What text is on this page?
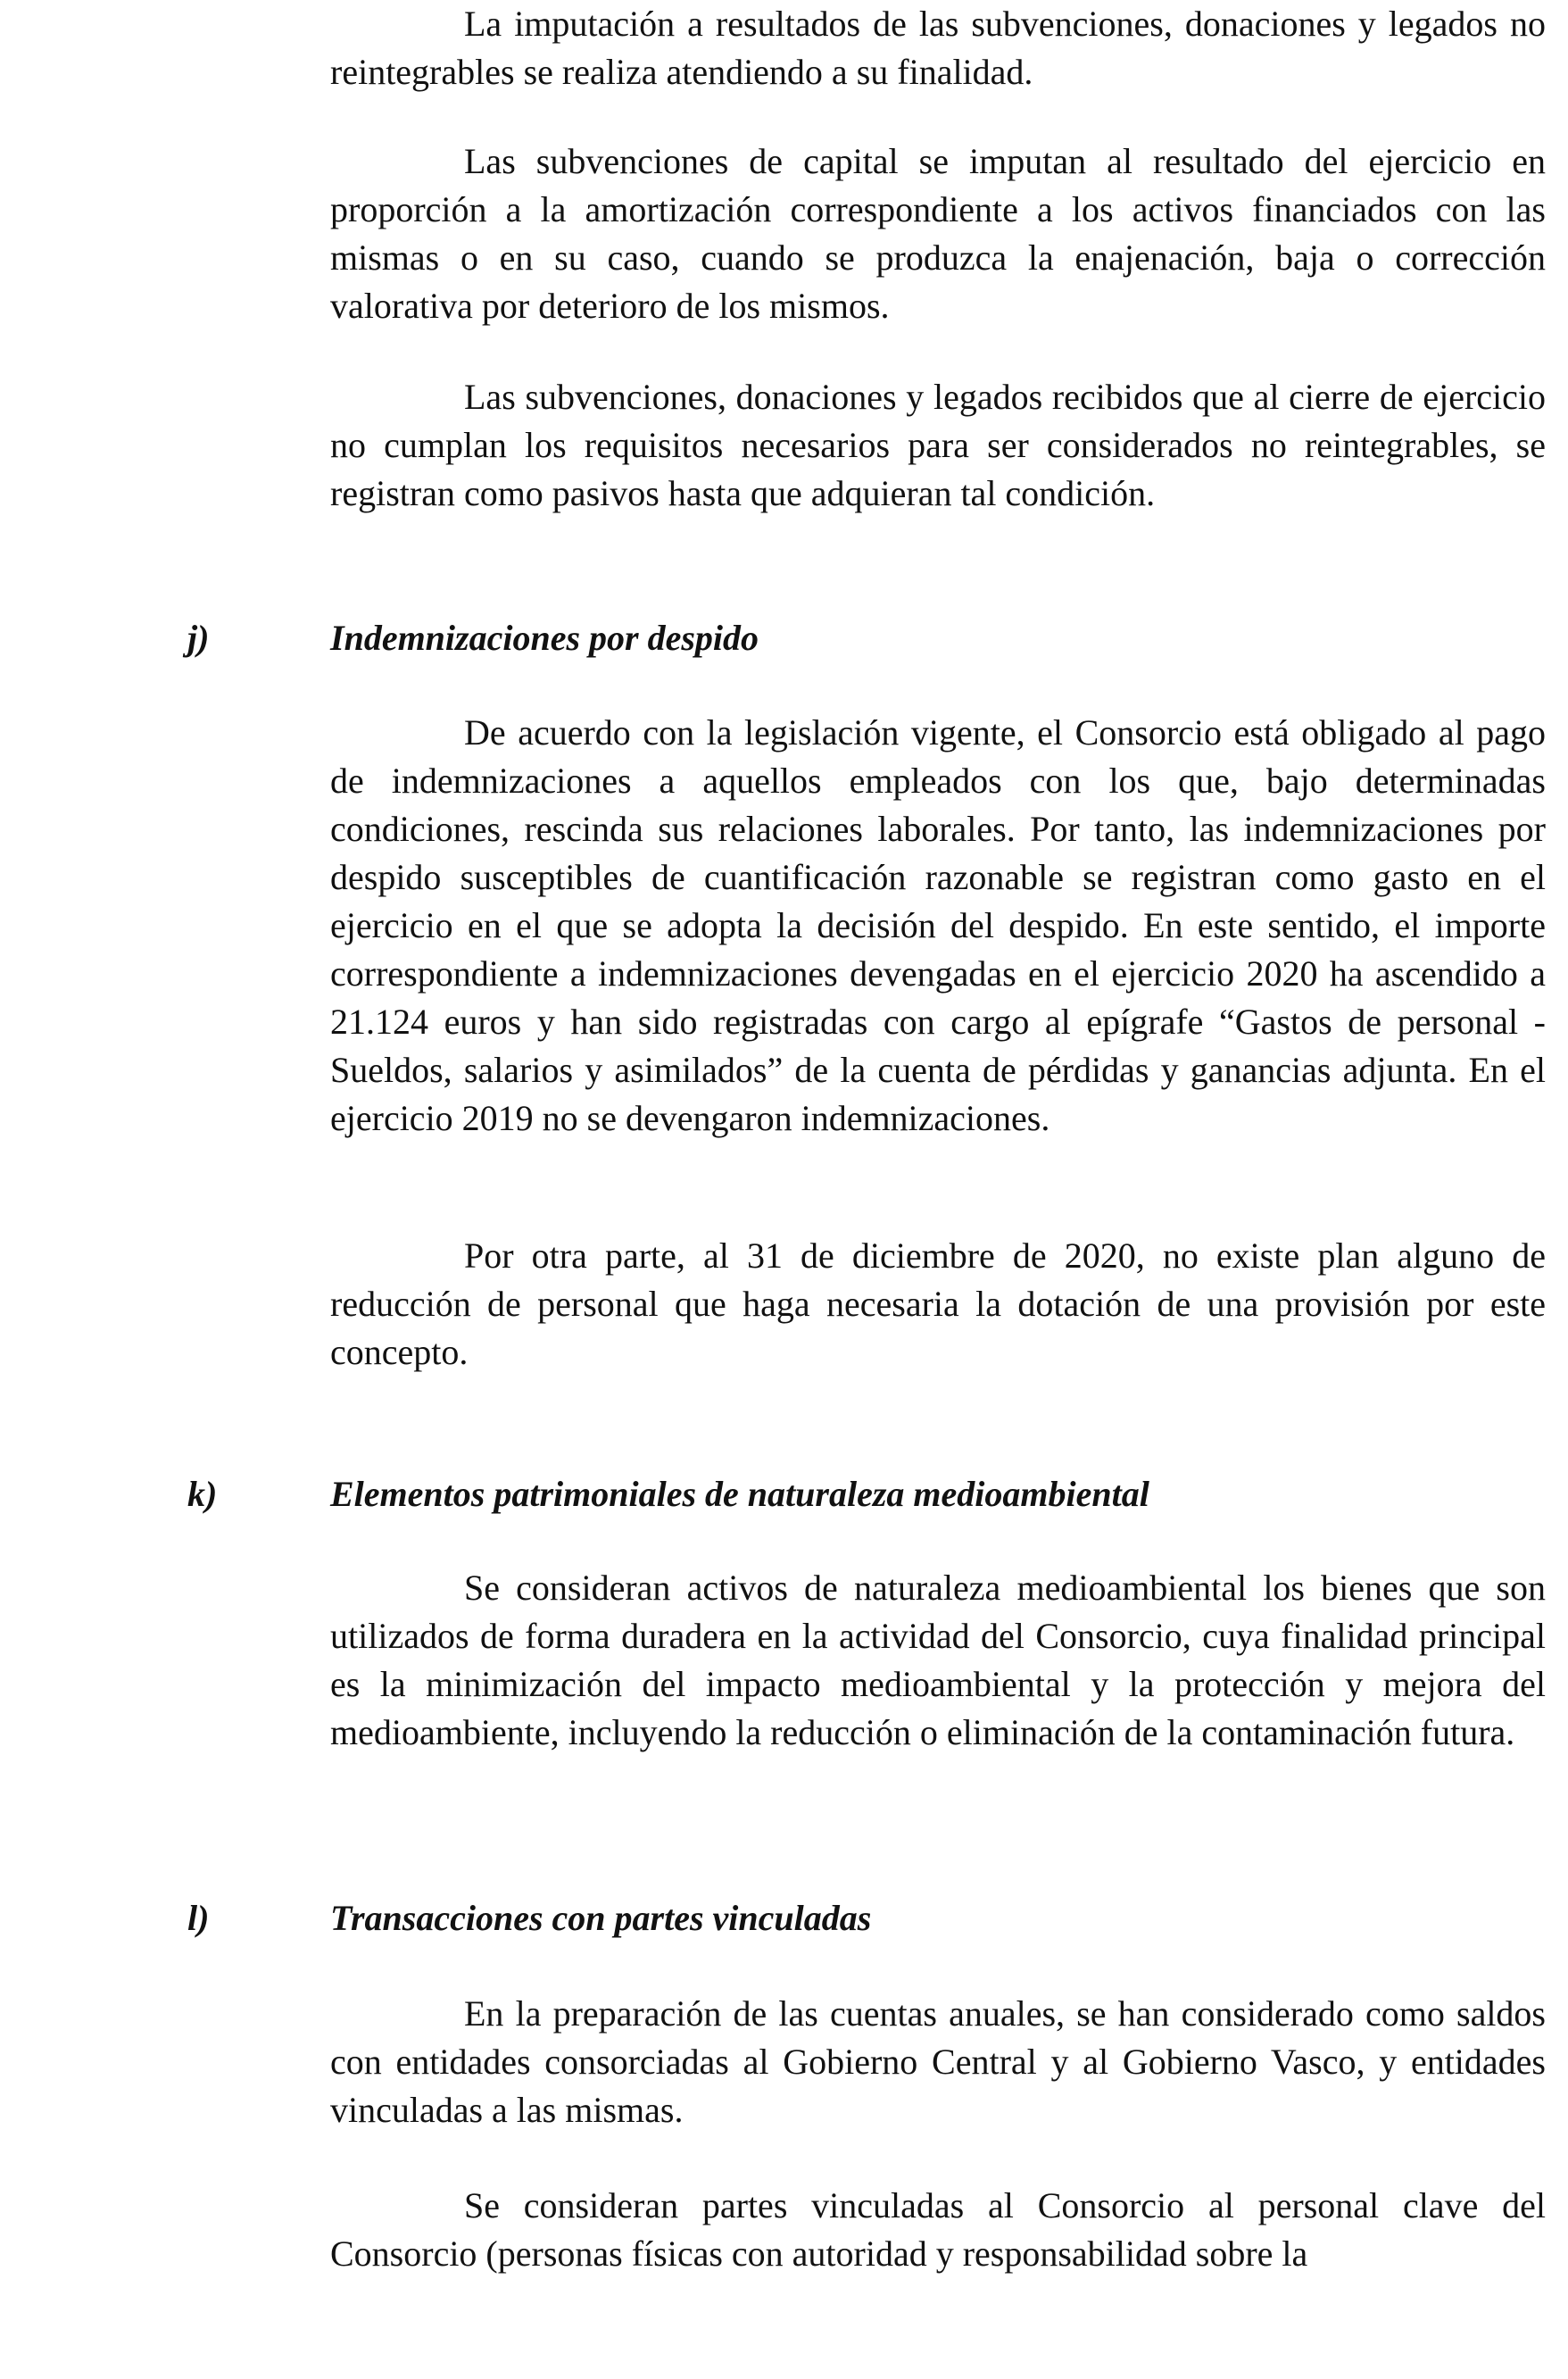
La imputación a resultados de las subvenciones, donaciones y legados no reintegrables se realiza atendiendo a su finalidad.

Las subvenciones de capital se imputan al resultado del ejercicio en proporción a la amortización correspondiente a los activos financiados con las mismas o en su caso, cuando se produzca la enajenación, baja o corrección valorativa por deterioro de los mismos.

Las subvenciones, donaciones y legados recibidos que al cierre de ejercicio no cumplan los requisitos necesarios para ser considerados no reintegrables, se registran como pasivos hasta que adquieran tal condición.

j)	Indemnizaciones por despido

De acuerdo con la legislación vigente, el Consorcio está obligado al pago de indemnizaciones a aquellos empleados con los que, bajo determinadas condiciones, rescinda sus relaciones laborales. Por tanto, las indemnizaciones por despido susceptibles de cuantificación razonable se registran como gasto en el ejercicio en el que se adopta la decisión del despido. En este sentido, el importe correspondiente a indemnizaciones devengadas en el ejercicio 2020 ha ascendido a 21.124 euros y han sido registradas con cargo al epígrafe “Gastos de personal - Sueldos, salarios y asimilados” de la cuenta de pérdidas y ganancias adjunta. En el ejercicio 2019 no se devengaron indemnizaciones.

Por otra parte, al 31 de diciembre de 2020, no existe plan alguno de reducción de personal que haga necesaria la dotación de una provisión por este concepto.

k)	Elementos patrimoniales de naturaleza medioambiental

Se consideran activos de naturaleza medioambiental los bienes que son utilizados de forma duradera en la actividad del Consorcio, cuya finalidad principal es la minimización del impacto medioambiental y la protección y mejora del medioambiente, incluyendo la reducción o eliminación de la contaminación futura.

l)	Transacciones con partes vinculadas

En la preparación de las cuentas anuales, se han considerado como saldos con entidades consorciadas al Gobierno Central y al Gobierno Vasco, y entidades vinculadas a las mismas.

Se consideran partes vinculadas al Consorcio al personal clave del Consorcio (personas físicas con autoridad y responsabilidad sobre la
